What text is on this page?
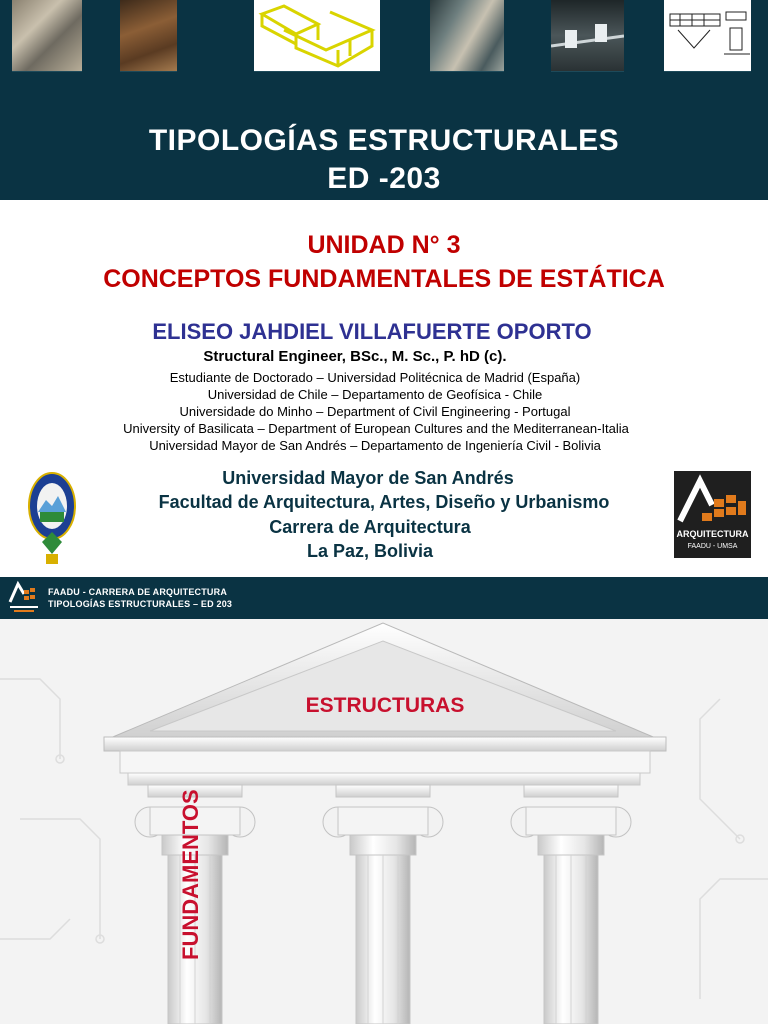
TIPOLOGÍAS ESTRUCTURALES
ED -203
UNIDAD N° 3
CONCEPTOS FUNDAMENTALES DE ESTÁTICA
ELISEO JAHDIEL VILLAFUERTE OPORTO
Structural Engineer, BSc., M. Sc., P. hD (c).
Estudiante de Doctorado – Universidad Politécnica de Madrid (España)
Universidad de Chile – Departamento de Geofísica - Chile
Universidade do Minho – Department of Civil Engineering - Portugal
University of Basilicata – Department of European Cultures and the Mediterranean-Italia
Universidad Mayor de San Andrés – Departamento de Ingeniería Civil - Bolivia
Universidad Mayor de San Andrés
Facultad de Arquitectura, Artes, Diseño y Urbanismo
Carrera de Arquitectura
La Paz, Bolivia
ARQUITECTURA
FAADU - UMSA
FAADU - CARRERA DE ARQUITECTURA
TIPOLOGÍAS ESTRUCTURALES – ED 203
ESTRUCTURAS
FUNDAMENTOS
